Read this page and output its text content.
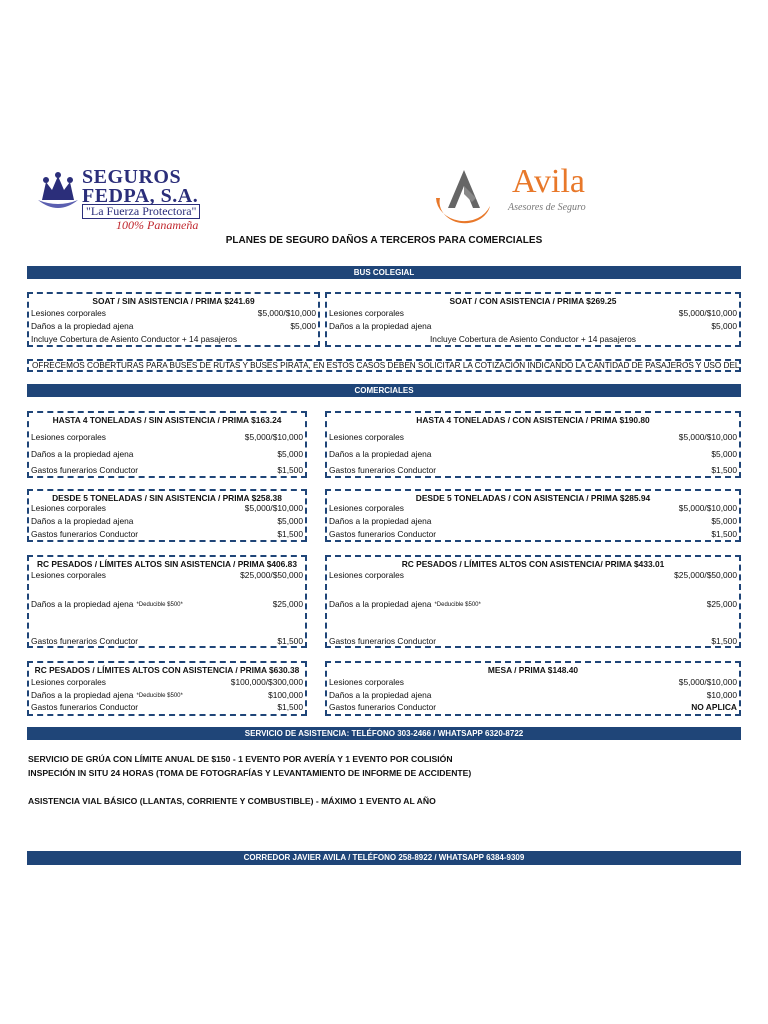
SEGUROS
FEDPA, S.A.
"La Fuerza Protectora"
100% Panameña
Avila
Asesores de Seguro
PLANES DE SEGURO DAÑOS A TERCEROS PARA COMERCIALES
BUS COLEGIAL
SOAT / SIN ASISTENCIA / PRIMA $241.69
Lesiones corporales	$5,000/$10,000
Daños a la propiedad ajena	$5,000
Incluye Cobertura de Asiento Conductor + 14 pasajeros
SOAT / CON ASISTENCIA / PRIMA $269.25
Lesiones corporales	$5,000/$10,000
Daños a la propiedad ajena	$5,000
Incluye Cobertura de Asiento Conductor + 14 pasajeros
OFRECEMOS COBERTURAS PARA BUSES DE RUTAS Y BUSES PIRATA, EN ESTOS CASOS DEBEN SOLICITAR LA COTIZACIÓN INDICANDO LA CANTIDAD DE PASAJEROS Y USO DEL
COMERCIALES
HASTA 4 TONELADAS / SIN ASISTENCIA / PRIMA $163.24
Lesiones corporales	$5,000/$10,000
Daños a la propiedad ajena	$5,000
Gastos funerarios Conductor	$1,500
HASTA 4 TONELADAS / CON ASISTENCIA / PRIMA $190.80
Lesiones corporales	$5,000/$10,000
Daños a la propiedad ajena	$5,000
Gastos funerarios Conductor	$1,500
DESDE 5 TONELADAS / SIN ASISTENCIA / PRIMA $258.38
Lesiones corporales	$5,000/$10,000
Daños a la propiedad ajena	$5,000
Gastos funerarios Conductor	$1,500
DESDE 5 TONELADAS / CON ASISTENCIA / PRIMA $285.94
Lesiones corporales	$5,000/$10,000
Daños a la propiedad ajena	$5,000
Gastos funerarios Conductor	$1,500
RC PESADOS / LÍMITES ALTOS SIN ASISTENCIA / PRIMA $406.83
Lesiones corporales	$25,000/$50,000
Daños a la propiedad ajena *Deducible $500*	$25,000
Gastos funerarios Conductor	$1,500
RC PESADOS / LÍMITES ALTOS CON ASISTENCIA/ PRIMA $433.01
Lesiones corporales	$25,000/$50,000
Daños a la propiedad ajena *Deducible $500*	$25,000
Gastos funerarios Conductor	$1,500
RC PESADOS / LÍMITES ALTOS CON ASISTENCIA / PRIMA $630.38
Lesiones corporales	$100,000/$300,000
Daños a la propiedad ajena *Deducible $500*	$100,000
Gastos funerarios Conductor	$1,500
MESA / PRIMA $148.40
Lesiones corporales	$5,000/$10,000
Daños a la propiedad ajena	$10,000
Gastos funerarios Conductor	NO APLICA
SERVICIO DE ASISTENCIA: TELÉFONO 303-2466 / WHATSAPP 6320-8722
SERVICIO DE GRÚA CON LÍMITE ANUAL DE $150 - 1 EVENTO POR AVERÍA Y 1 EVENTO POR COLISIÓN
INSPECIÓN IN SITU 24 HORAS (TOMA DE FOTOGRAFÍAS Y LEVANTAMIENTO DE INFORME DE ACCIDENTE)
ASISTENCIA VIAL BÁSICO (LLANTAS, CORRIENTE Y COMBUSTIBLE) - MÁXIMO 1 EVENTO AL AÑO
CORREDOR JAVIER AVILA / TELÉFONO 258-8922 / WHATSAPP 6384-9309
